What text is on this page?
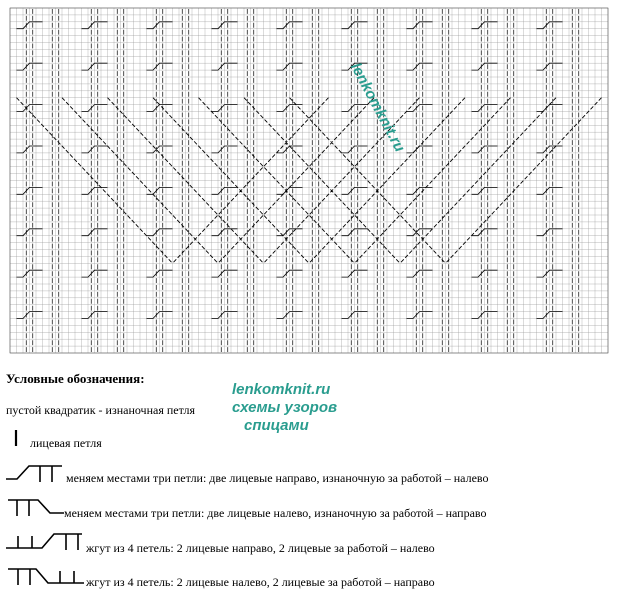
lenkomknit.ru
Условные обозначения:
пустой квадратик - изнаночная петля
lenkomknit.ru
схемы узоров
спицами
лицевая петля
меняем местами три петли: две лицевые направо, изнаночную за работой – налево
меняем местами три петли: две лицевые налево, изнаночную за работой – направо
жгут из 4 петель: 2 лицевые направо, 2 лицевые за работой – налево
жгут из 4 петель: 2 лицевые налево, 2 лицевые за работой – направо
